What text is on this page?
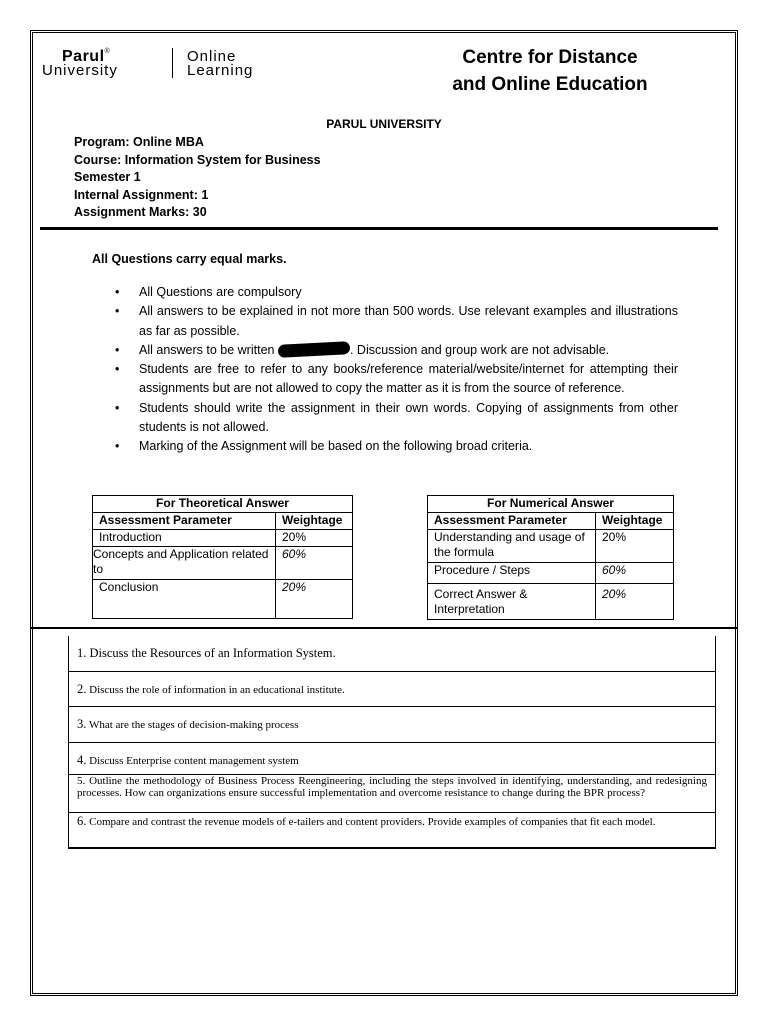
Parul®
University
Online
Learning
Centre for Distance
and Online Education
PARUL UNIVERSITY
Program: Online MBA
Course: Information System for Business
Semester 1
Internal Assignment: 1
Assignment Marks: 30
All Questions carry equal marks.
• All Questions are compulsory
• All answers to be explained in not more than 500 words. Use relevant examples and illustrations as far as possible.
• All answers to be written	. Discussion and group work are not advisable.
• Students are free to refer to any books/reference material/website/internet for attempting their assignments but are not allowed to copy the matter as it is from the source of reference.
• Students should write the assignment in their own words. Copying of assignments from other students is not allowed.
• Marking of the Assignment will be based on the following broad criteria.
For Theoretical Answer	
Assessment Parameter	Weightage
Introduction	20%
Concepts and Application related to	60%
Conclusion	20%
For Numerical Answer	
Assessment Parameter	Weightage
Understanding and usage of the formula	20%
Procedure / Steps	60%
Correct Answer & Interpretation	20%
1. Discuss the Resources of an Information System.
2. Discuss the role of information in an educational institute.
3. What are the stages of decision-making process
4. Discuss Enterprise content management system
5. Outline the methodology of Business Process Reengineering, including the steps involved in identifying, understanding, and redesigning processes. How can organizations ensure successful implementation and overcome resistance to change during the BPR process?
6. Compare and contrast the revenue models of e-tailers and content providers. Provide examples of companies that fit each model.
